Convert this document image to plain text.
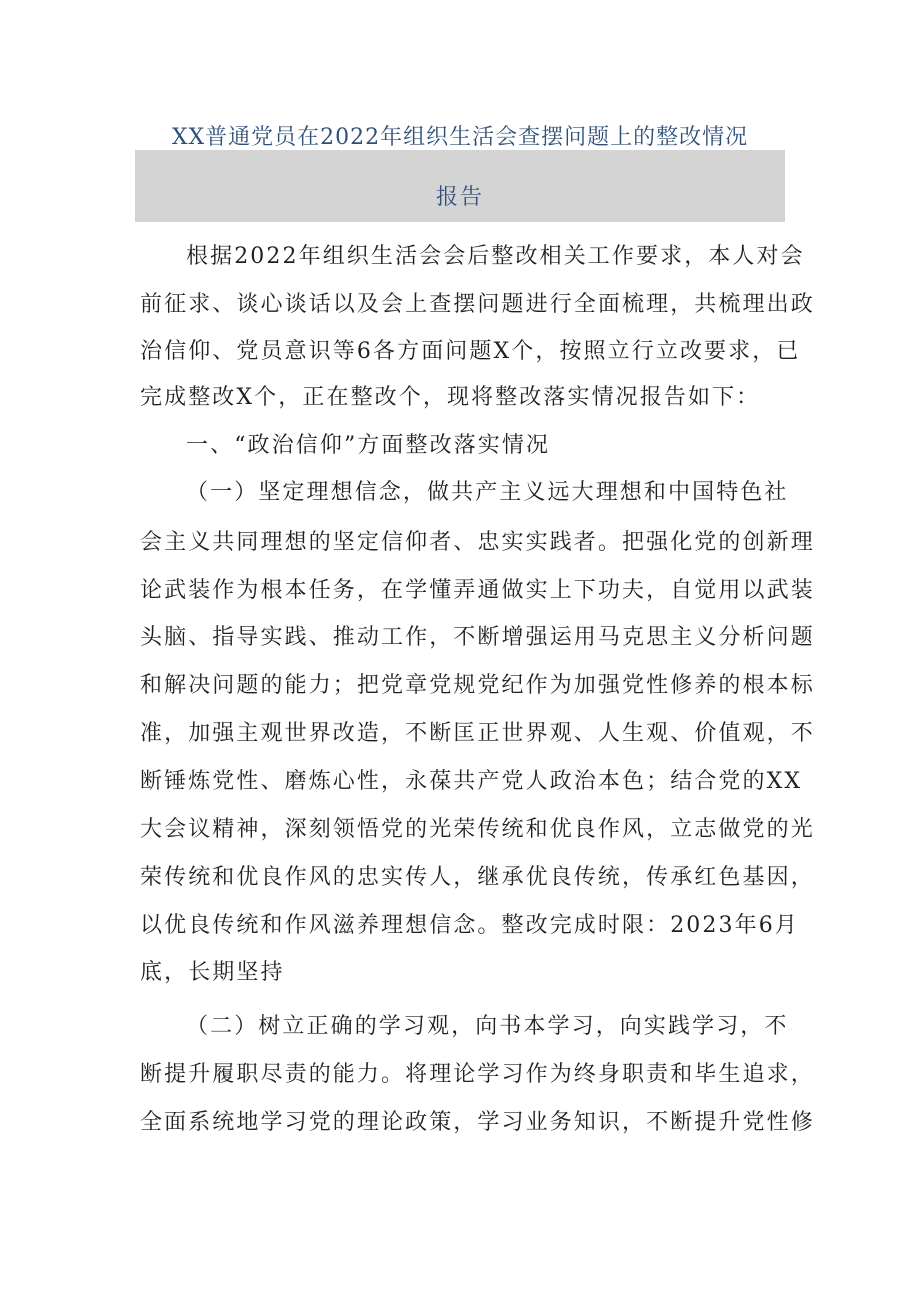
XX普通党员在2022年组织生活会查摆问题上的整改情况
报告
根据2022年组织生活会会后整改相关工作要求，本人对会
前征求、谈心谈话以及会上查摆问题进行全面梳理，共梳理出政
治信仰、党员意识等6各方面问题X个，按照立行立改要求，已
完成整改X个，正在整改个，现将整改落实情况报告如下：
一、“政治信仰”方面整改落实情况
（一）坚定理想信念，做共产主义远大理想和中国特色社
会主义共同理想的坚定信仰者、忠实实践者。把强化党的创新理
论武装作为根本任务，在学懂弄通做实上下功夫，自觉用以武装
头脑、指导实践、推动工作，不断增强运用马克思主义分析问题
和解决问题的能力；把党章党规党纪作为加强党性修养的根本标
准，加强主观世界改造，不断匡正世界观、人生观、价值观，不
断锤炼党性、磨炼心性，永葆共产党人政治本色；结合党的XX
大会议精神，深刻领悟党的光荣传统和优良作风，立志做党的光
荣传统和优良作风的忠实传人，继承优良传统，传承红色基因，
以优良传统和作风滋养理想信念。整改完成时限：2023年6月
底，长期坚持
（二）树立正确的学习观，向书本学习，向实践学习，不
断提升履职尽责的能力。将理论学习作为终身职责和毕生追求，
全面系统地学习党的理论政策，学习业务知识，不断提升党性修
